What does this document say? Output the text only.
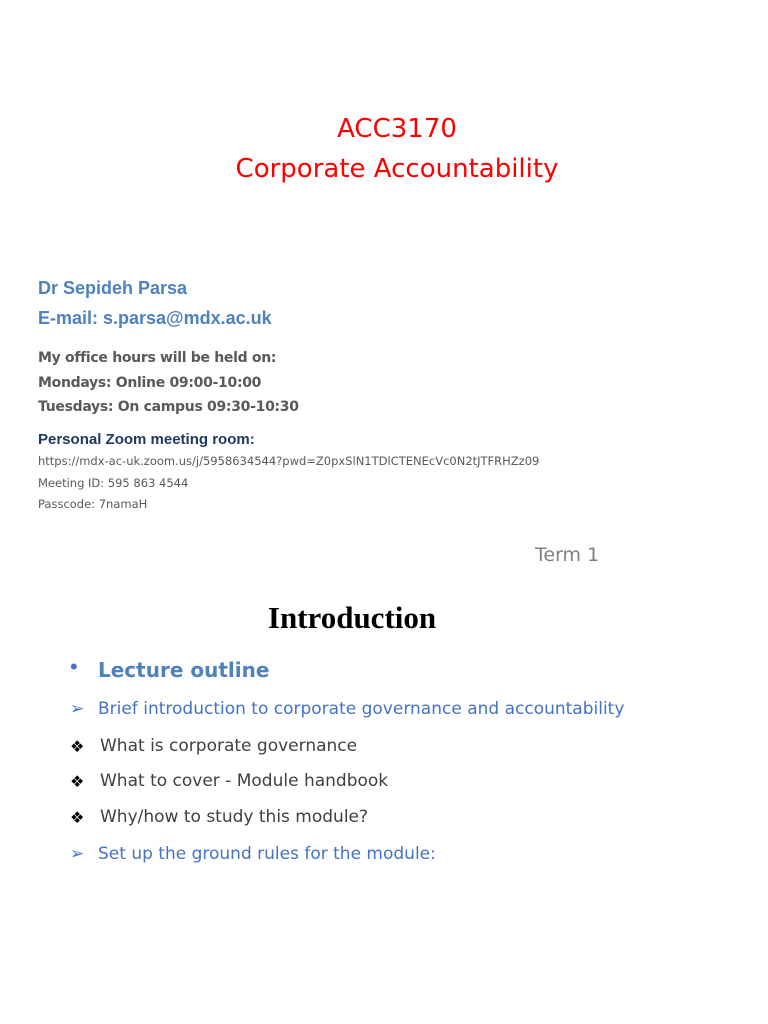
ACC3170
Corporate Accountability
Dr Sepideh Parsa
E-mail: s.parsa@mdx.ac.uk
My office hours will be held on:
Mondays: Online 09:00-10:00
Tuesdays: On campus 09:30-10:30
Personal Zoom meeting room:
https://mdx-ac-uk.zoom.us/j/5958634544?pwd=Z0pxSlN1TDlCTENEcVc0N2tJTFRHZz09
Meeting ID: 595 863 4544
Passcode: 7namaH
Term 1
Introduction
• Lecture outline
➢ Brief introduction to corporate governance and accountability
❖ What is corporate governance
❖ What to cover - Module handbook
❖ Why/how to study this module?
➢ Set up the ground rules for the module:
